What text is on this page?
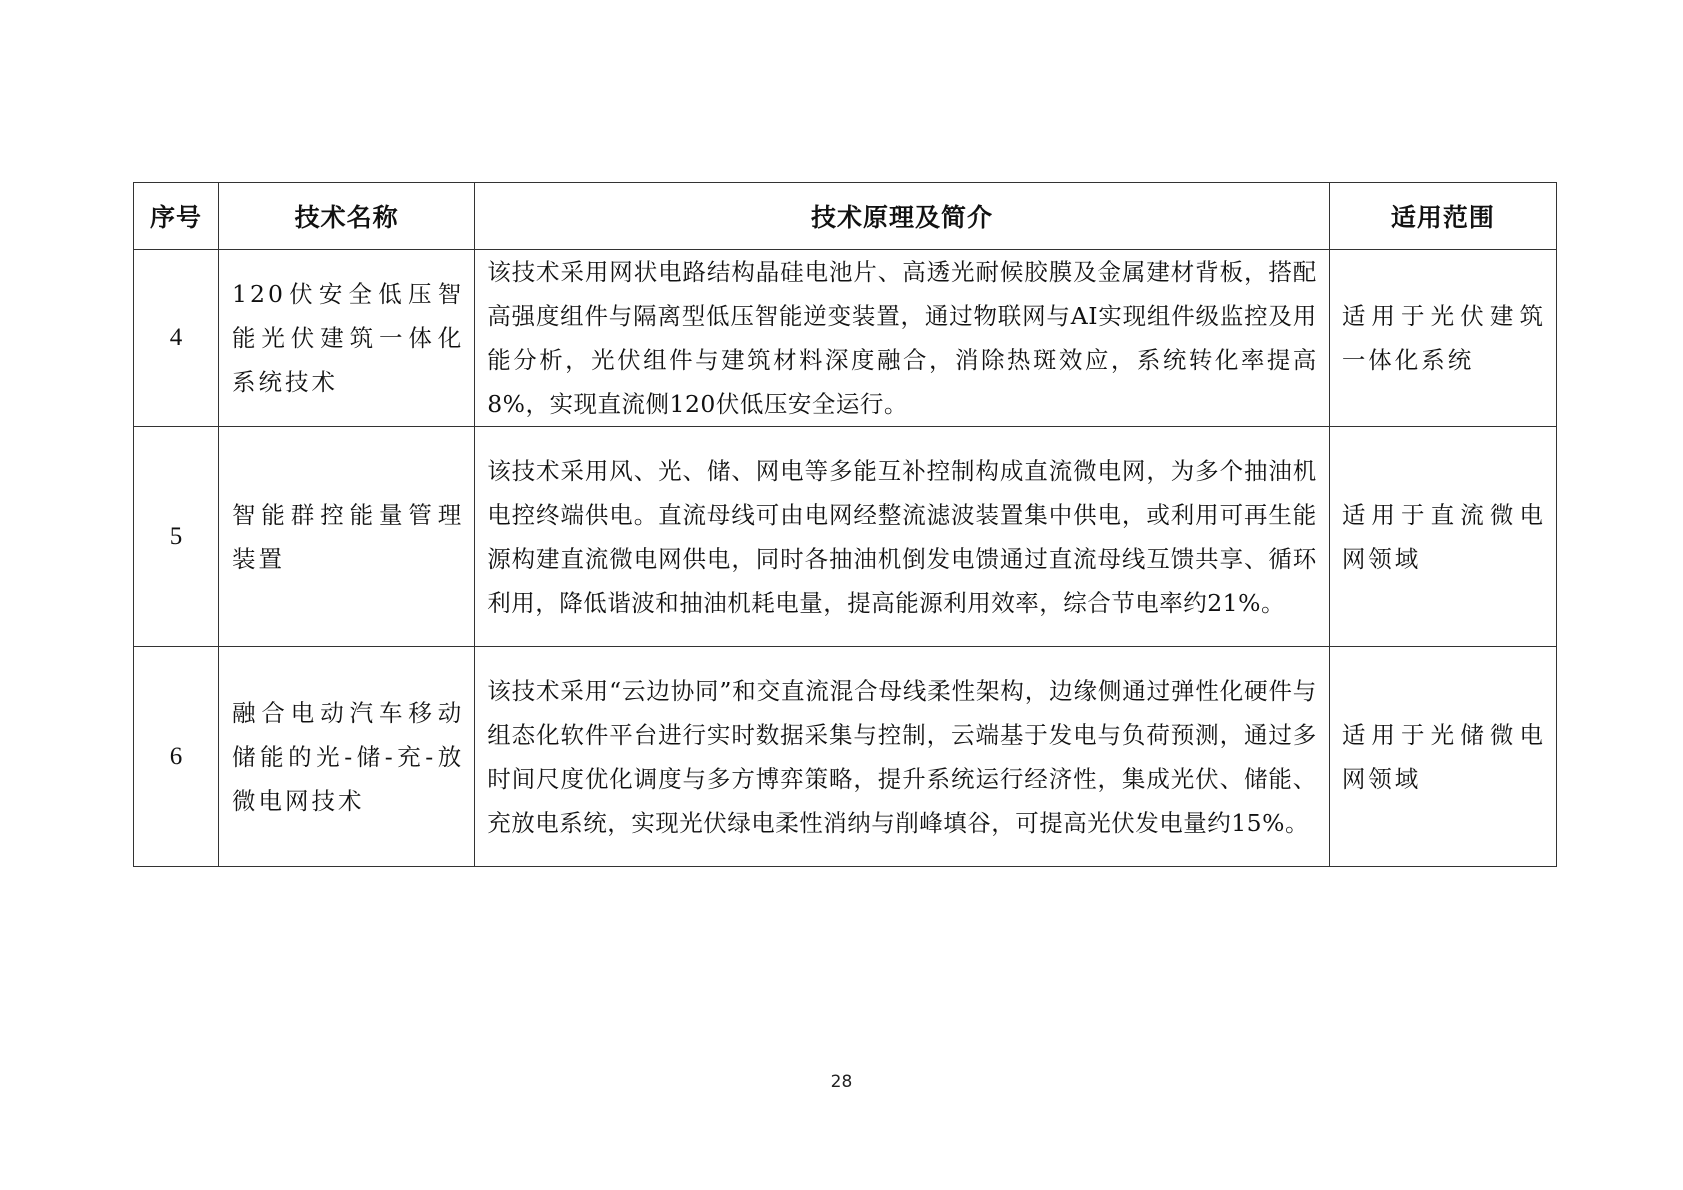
序号	技术名称	技术原理及简介	适用范围
4	120伏安全低压智能光伏建筑一体化系统技术	该技术采用网状电路结构晶硅电池片、高透光耐候胶膜及金属建材背板，搭配高强度组件与隔离型低压智能逆变装置，通过物联网与AI实现组件级监控及用能分析，光伏组件与建筑材料深度融合，消除热斑效应，系统转化率提高8%，实现直流侧120伏低压安全运行。	适用于光伏建筑一体化系统
5	智能群控能量管理装置	该技术采用风、光、储、网电等多能互补控制构成直流微电网，为多个抽油机电控终端供电。直流母线可由电网经整流滤波装置集中供电，或利用可再生能源构建直流微电网供电，同时各抽油机倒发电馈通过直流母线互馈共享、循环利用，降低谐波和抽油机耗电量，提高能源利用效率，综合节电率约21%。	适用于直流微电网领域
6	融合电动汽车移动储能的光-储-充-放微电网技术	该技术采用“云边协同”和交直流混合母线柔性架构，边缘侧通过弹性化硬件与组态化软件平台进行实时数据采集与控制，云端基于发电与负荷预测，通过多时间尺度优化调度与多方博弈策略，提升系统运行经济性，集成光伏、储能、充放电系统，实现光伏绿电柔性消纳与削峰填谷，可提高光伏发电量约15%。	适用于光储微电网领域
28
